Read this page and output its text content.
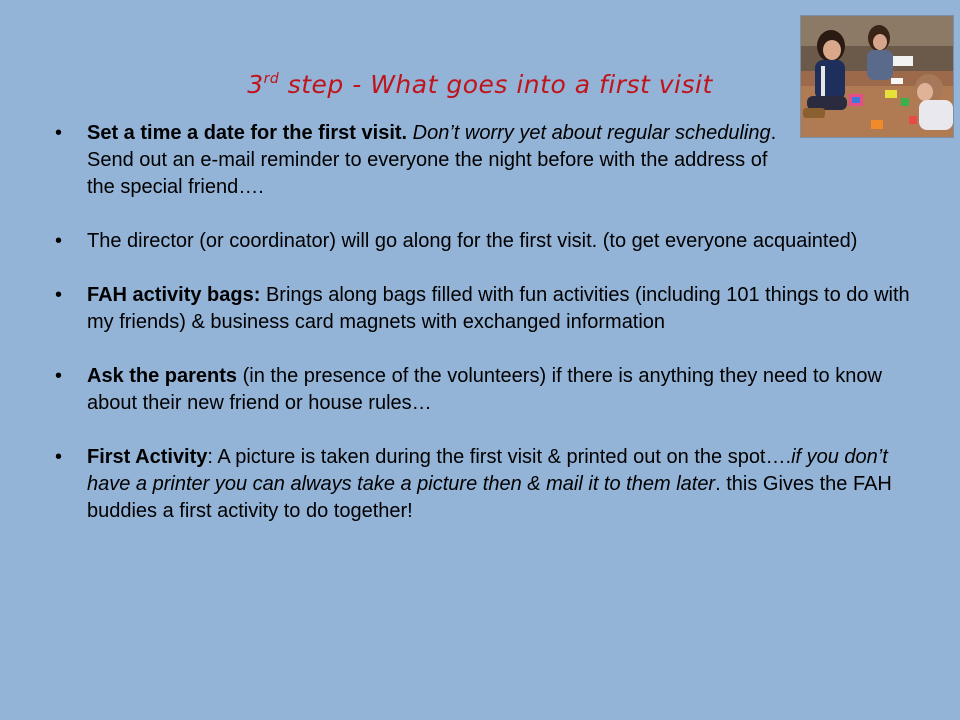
3rd step - What goes into a first visit
• Set a time a date for the first visit. Don’t worry yet about regular scheduling. Send out an e-mail reminder to everyone the night before with the address of the special friend….
• The director (or coordinator) will go along for the first visit. (to get everyone acquainted)
• FAH activity bags: Brings along bags filled with fun activities (including 101 things to do with my friends) & business card magnets with exchanged information
• Ask the parents (in the presence of the volunteers) if there is anything they need to know about their new friend or house rules…
• First Activity: A picture is taken during the first visit & printed out on the spot….if you don’t have a printer you can always take a picture then & mail it to them later. this Gives the FAH buddies a first activity to do together!
